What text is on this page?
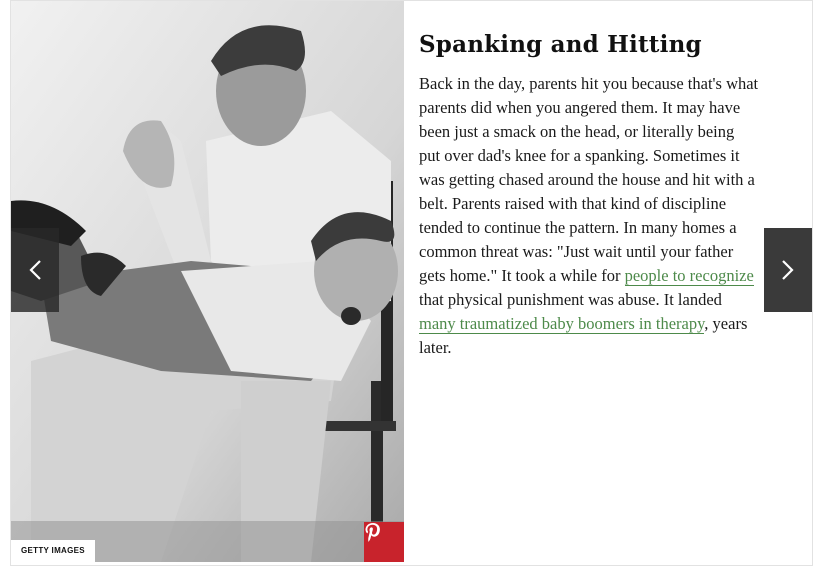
GETTY IMAGES
Spanking and Hitting

Back in the day, parents hit you because that's what parents did when you angered them. It may have been just a smack on the head, or literally being put over dad's knee for a spanking. Sometimes it was getting chased around the house and hit with a belt. Parents raised with that kind of discipline tended to continue the pattern. In many homes a common threat was: "Just wait until your father gets home." It took a while for people to recognize that physical punishment was abuse. It landed many traumatized baby boomers in therapy, years later.
